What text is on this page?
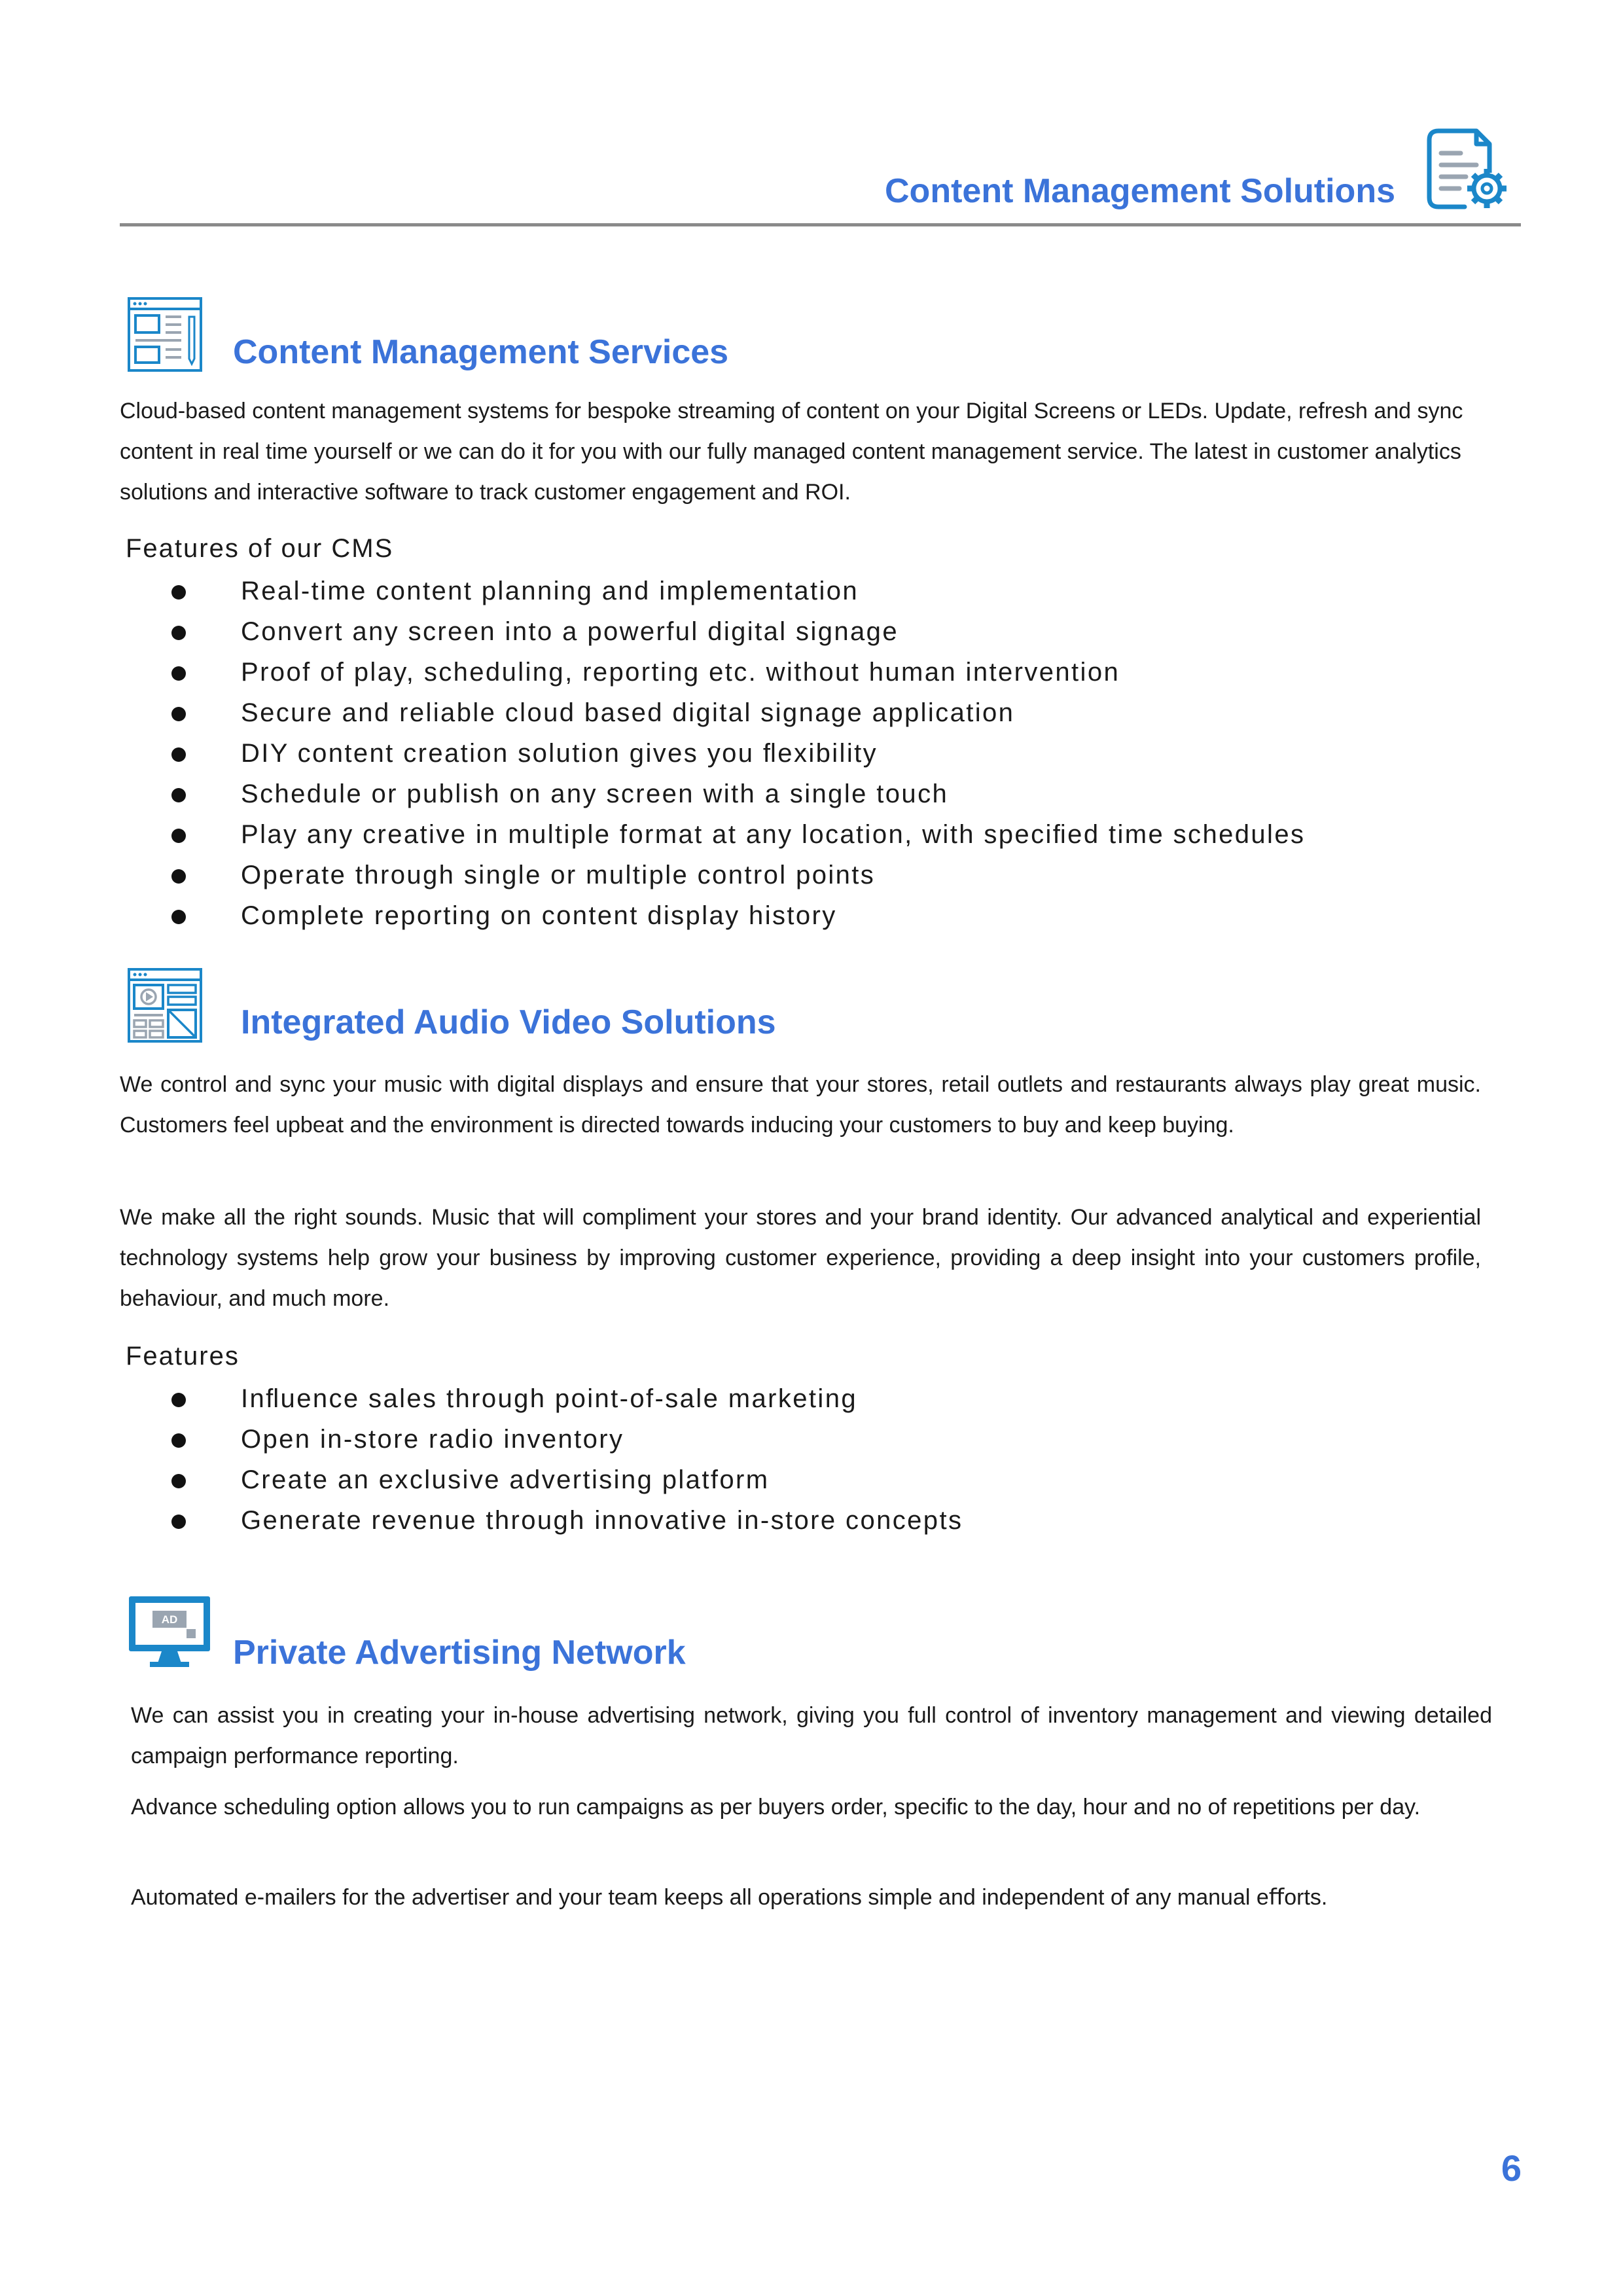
Content Management Solutions
Content Management Services

Cloud-based content management systems for bespoke streaming of content on your Digital Screens or LEDs. Update, refresh and sync content in real time yourself or we can do it for you with our fully managed content management service. The latest in customer analytics solutions and interactive software to track customer engagement and ROI.

Features of our CMS
Real-time content planning and implementation
Convert any screen into a powerful digital signage
Proof of play, scheduling, reporting etc. without human intervention
Secure and reliable cloud based digital signage application
DIY content creation solution gives you ﬂexibility
Schedule or publish on any screen with a single touch
Play any creative in multiple format at any location, with speciﬁed time schedules
Operate through single or multiple control points
Complete reporting on content display history
Integrated Audio Video Solutions

We control and sync your music with digital displays and ensure that your stores, retail outlets and restaurants always play great music. Customers feel upbeat and the environment is directed towards inducing your customers to buy and keep buying.

We make all the right sounds. Music that will compliment your stores and your brand identity. Our advanced analytical and experiential technology systems help grow your business by improving customer experience, providing a deep insight into your customers proﬁle, behaviour, and much more.

Features
Inﬂuence sales through point-of-sale marketing
Open in-store radio inventory
Create an exclusive advertising platform
Generate revenue through innovative in-store concepts
AD
Private Advertising Network

We can assist you in creating your in-house advertising network, giving you full control of inventory management and viewing detailed campaign performance reporting.

Advance scheduling option allows you to run campaigns as per buyers order, speciﬁc to the day, hour and no of repetitions per day.

Automated e-mailers for the advertiser and your team keeps all operations simple and independent of any manual eﬀorts.

6
